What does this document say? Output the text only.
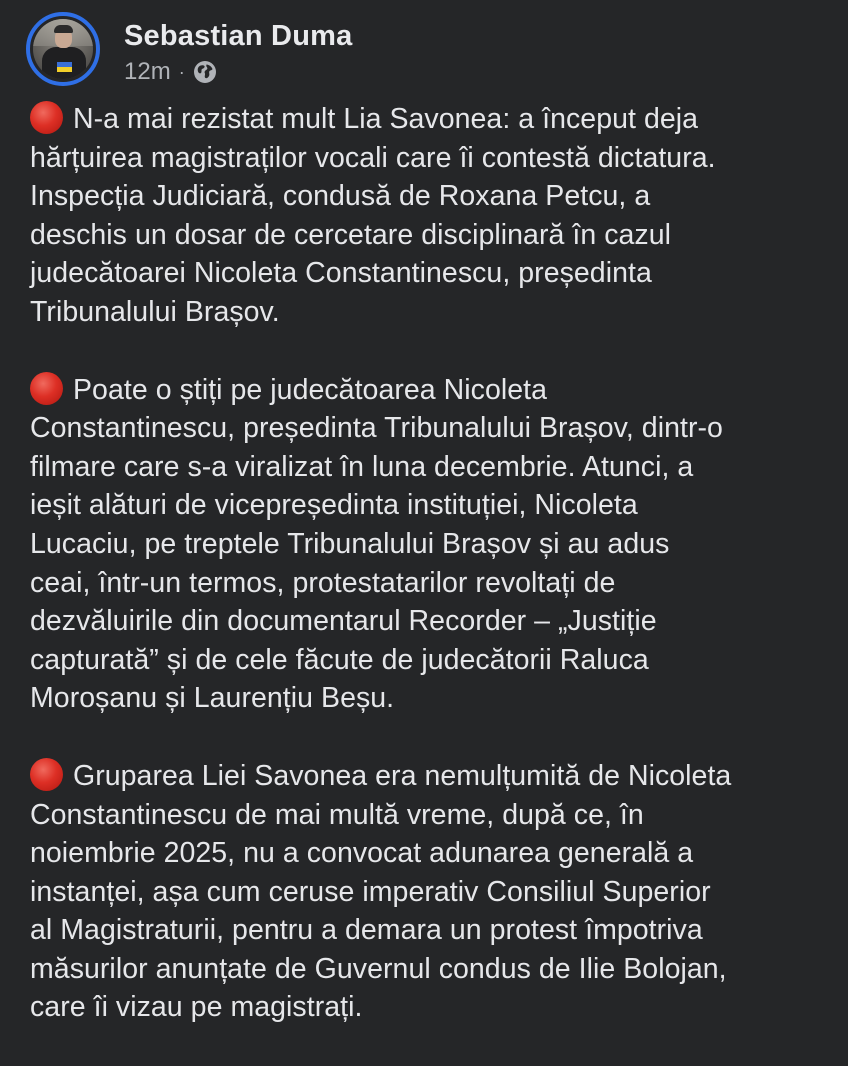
Sebastian Duma
12m ·
N-a mai rezistat mult Lia Savonea: a început deja
hărțuirea magistraților vocali care îi contestă dictatura.
Inspecția Judiciară, condusă de Roxana Petcu, a
deschis un dosar de cercetare disciplinară în cazul
judecătoarei Nicoleta Constantinescu, președinta
Tribunalului Brașov.
Poate o știți pe judecătoarea Nicoleta
Constantinescu, președinta Tribunalului Brașov, dintr-o
filmare care s-a viralizat în luna decembrie. Atunci, a
ieșit alături de vicepreședinta instituției, Nicoleta
Lucaciu, pe treptele Tribunalului Brașov și au adus
ceai, într-un termos, protestatarilor revoltați de
dezvăluirile din documentarul Recorder – „Justiție
capturată” și de cele făcute de judecătorii Raluca
Moroșanu și Laurențiu Beșu.
Gruparea Liei Savonea era nemulțumită de Nicoleta
Constantinescu de mai multă vreme, după ce, în
noiembrie 2025, nu a convocat adunarea generală a
instanței, așa cum ceruse imperativ Consiliul Superior
al Magistraturii, pentru a demara un protest împotriva
măsurilor anunțate de Guvernul condus de Ilie Bolojan,
care îi vizau pe magistrați.
